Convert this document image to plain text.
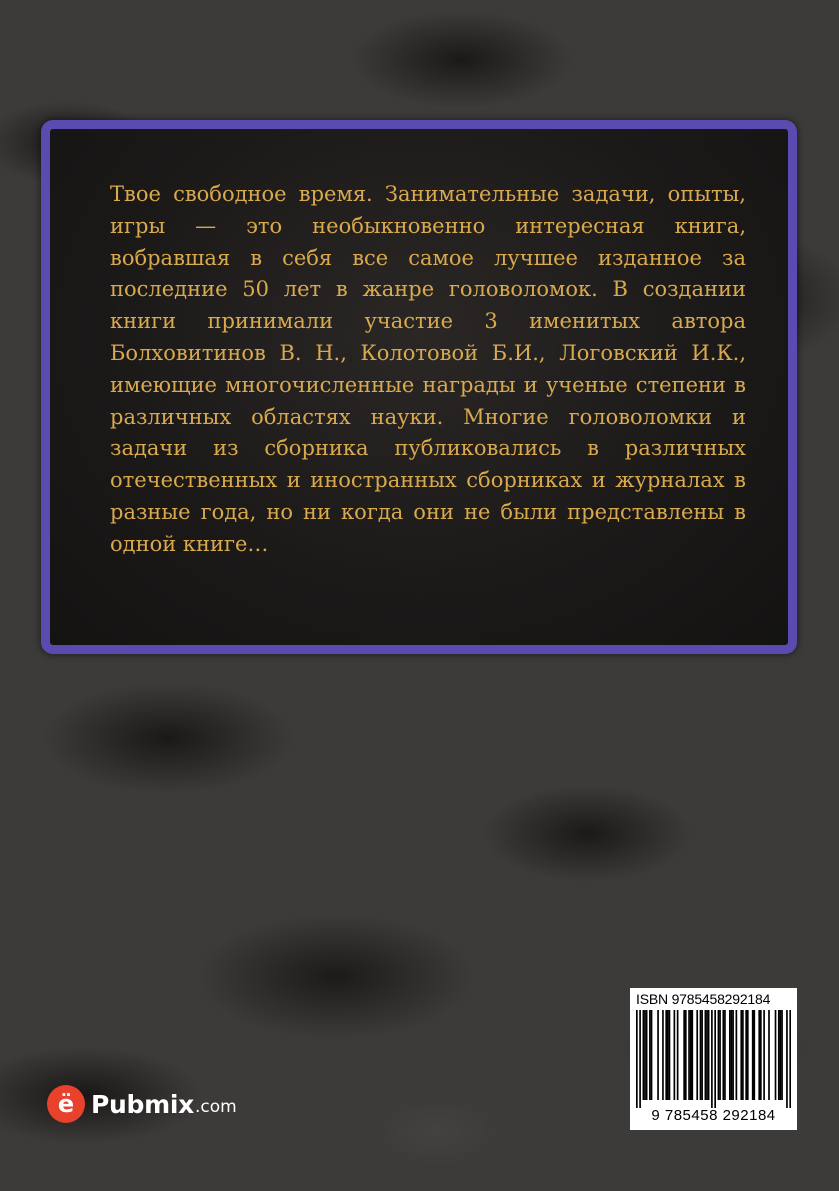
Твое свободное время. Занимательные задачи, опыты, игры — это необыкновенно интересная книга, вобравшая в себя все самое лучшее изданное за последние 50 лет в жанре головоломок. В создании книги принимали участие 3 именитых автора Болховитинов В. Н., Колотовой Б.И., Логовский И.К., имеющие многочисленные награды и ученые степени в различных областях науки. Многие головоломки и задачи из сборника публиковались в различных отечественных и иностранных сборниках и журналах в разные года, но ни когда они не были представлены в одной книге…

ё Pubmix .com
ISBN 9785458292184
9 785458 292184
